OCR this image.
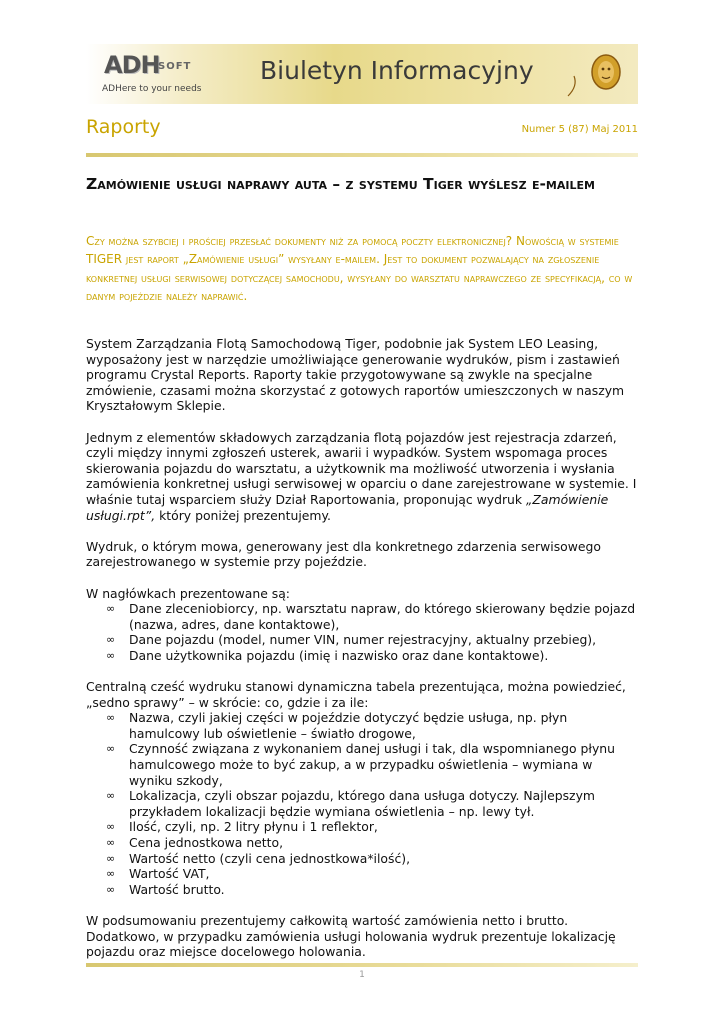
ADH
SOFT
ADHere to your needs
Biuletyn Informacyjny
Raporty	Numer 5 (87) Maj 2011
Zamówienie usługi naprawy auta – z systemu Tiger wyślesz e-mailem

Czy można szybciej i prościej przesłać dokumenty niż za pomocą poczty elektronicznej? Nowością w systemie TIGER jest raport „Zamówienie usługi” wysyłany e-mailem. Jest to dokument pozwalający na zgłoszenie konkretnej usługi serwisowej dotyczącej samochodu, wysyłany do warsztatu naprawczego ze specyfikacją, co w danym pojeździe należy naprawić.

System Zarządzania Flotą Samochodową Tiger, podobnie jak System LEO Leasing, wyposażony jest w narzędzie umożliwiające generowanie wydruków, pism i zastawień programu Crystal Reports. Raporty takie przygotowywane są zwykle na specjalne zmówienie, czasami można skorzystać z gotowych raportów umieszczonych w naszym Kryształowym Sklepie.

Jednym z elementów składowych zarządzania flotą pojazdów jest rejestracja zdarzeń, czyli między innymi zgłoszeń usterek, awarii i wypadków. System wspomaga proces skierowania pojazdu do warsztatu, a użytkownik ma możliwość utworzenia i wysłania zamówienia konkretnej usługi serwisowej w oparciu o dane zarejestrowane w systemie. I właśnie tutaj wsparciem służy Dział Raportowania, proponując wydruk „Zamówienie usługi.rpt”, który poniżej prezentujemy.

Wydruk, o którym mowa, generowany jest dla konkretnego zdarzenia serwisowego zarejestrowanego w systemie przy pojeździe.

W nagłówkach prezentowane są:
∞ Dane zleceniobiorcy, np. warsztatu napraw, do którego skierowany będzie pojazd (nazwa, adres, dane kontaktowe),
∞ Dane pojazdu (model, numer VIN, numer rejestracyjny, aktualny przebieg),
∞ Dane użytkownika pojazdu (imię i nazwisko oraz dane kontaktowe).
Centralną cześć wydruku stanowi dynamiczna tabela prezentująca, można powiedzieć, „sedno sprawy” – w skrócie: co, gdzie i za ile:
∞ Nazwa, czyli jakiej części w pojeździe dotyczyć będzie usługa, np. płyn hamulcowy lub oświetlenie – światło drogowe,
∞ Czynność związana z wykonaniem danej usługi i tak, dla wspomnianego płynu hamulcowego może to być zakup, a w przypadku oświetlenia – wymiana w wyniku szkody,
∞ Lokalizacja, czyli obszar pojazdu, którego dana usługa dotyczy. Najlepszym przykładem lokalizacji będzie wymiana oświetlenia – np. lewy tył.
∞ Ilość, czyli, np. 2 litry płynu i 1 reflektor,
∞ Cena jednostkowa netto,
∞ Wartość netto (czyli cena jednostkowa*ilość),
∞ Wartość VAT,
∞ Wartość brutto.

W podsumowaniu prezentujemy całkowitą wartość zamówienia netto i brutto. Dodatkowo, w przypadku zamówienia usługi holowania wydruk prezentuje lokalizację pojazdu oraz miejsce docelowego holowania.

1
